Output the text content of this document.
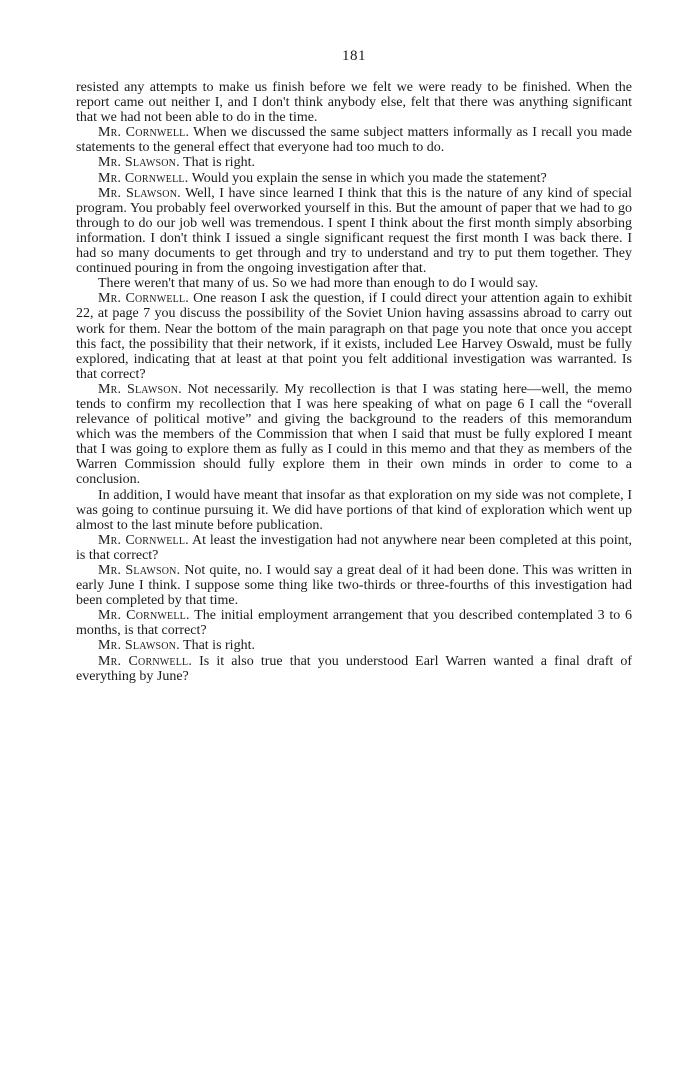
181

resisted any attempts to make us finish before we felt we were ready to be finished. When the report came out neither I, and I don't think anybody else, felt that there was anything significant that we had not been able to do in the time.

Mr. Cornwell. When we discussed the same subject matters informally as I recall you made statements to the general effect that everyone had too much to do.

Mr. Slawson. That is right.

Mr. Cornwell. Would you explain the sense in which you made the statement?

Mr. Slawson. Well, I have since learned I think that this is the nature of any kind of special program. You probably feel overworked yourself in this. But the amount of paper that we had to go through to do our job well was tremendous. I spent I think about the first month simply absorbing information. I don't think I issued a single significant request the first month I was back there. I had so many documents to get through and try to understand and try to put them together. They continued pouring in from the ongoing investigation after that.

There weren't that many of us. So we had more than enough to do I would say.

Mr. Cornwell. One reason I ask the question, if I could direct your attention again to exhibit 22, at page 7 you discuss the possibility of the Soviet Union having assassins abroad to carry out work for them. Near the bottom of the main paragraph on that page you note that once you accept this fact, the possibility that their network, if it exists, included Lee Harvey Oswald, must be fully explored, indicating that at least at that point you felt additional investigation was warranted. Is that correct?

Mr. Slawson. Not necessarily. My recollection is that I was stating here—well, the memo tends to confirm my recollection that I was here speaking of what on page 6 I call the “overall relevance of political motive” and giving the background to the readers of this memorandum which was the members of the Commission that when I said that must be fully explored I meant that I was going to explore them as fully as I could in this memo and that they as members of the Warren Commission should fully explore them in their own minds in order to come to a conclusion.

In addition, I would have meant that insofar as that exploration on my side was not complete, I was going to continue pursuing it. We did have portions of that kind of exploration which went up almost to the last minute before publication.

Mr. Cornwell. At least the investigation had not anywhere near been completed at this point, is that correct?

Mr. Slawson. Not quite, no. I would say a great deal of it had been done. This was written in early June I think. I suppose some thing like two-thirds or three-fourths of this investigation had been completed by that time.

Mr. Cornwell. The initial employment arrangement that you described contemplated 3 to 6 months, is that correct?

Mr. Slawson. That is right.

Mr. Cornwell. Is it also true that you understood Earl Warren wanted a final draft of everything by June?
